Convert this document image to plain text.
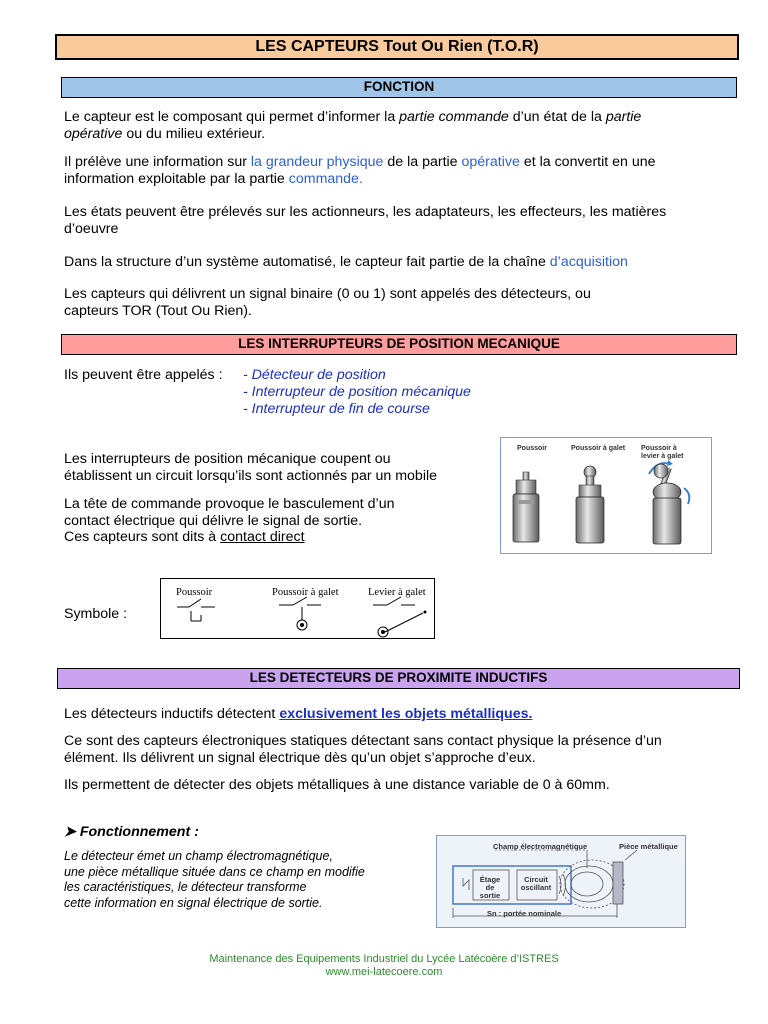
LES CAPTEURS Tout Ou Rien (T.O.R)
FONCTION

Le capteur est le composant qui permet d’informer la partie commande d’un état de la partie

opérative ou du milieu extérieur.

Il prélève une information sur la grandeur physique de la partie opérative et la convertit en une

information exploitable par la partie commande.

Les états peuvent être prélevés sur les actionneurs, les adaptateurs, les effecteurs, les matières

d’oeuvre

Dans la structure d’un système automatisé, le capteur fait partie de la chaîne d’acquisition

Les capteurs qui délivrent un signal binaire (0 ou 1) sont appelés des détecteurs, ou

capteurs TOR (Tout Ou Rien).

LES INTERRUPTEURS DE POSITION MECANIQUE
Ils peuvent être appelés : - Détecteur de position
- Interrupteur de position mécanique
- Interrupteur de fin de course

Les interrupteurs de position mécanique coupent ou

établissent un circuit lorsqu’ils sont actionnés par un mobile

La tête de commande provoque le basculement d’un

contact électrique qui délivre le signal de sortie.

Ces capteurs sont dits à contact direct

Poussoir	Poussoir à galet Poussoir à levier à galet
Symbole :
Poussoir	Poussoir à galet	Levier à galet
LES DETECTEURS DE PROXIMITE INDUCTIFS

Les détecteurs inductifs détectent exclusivement les objets métalliques.

Ce sont des capteurs électroniques statiques détectant sans contact physique la présence d’un

élément. Ils délivrent un signal électrique dès qu’un objet s’approche d’eux.

Ils permettent de détecter des objets métalliques à une distance variable de 0 à 60mm.

➤ Fonctionnement :

Le détecteur émet un champ électromagnétique,

une pièce métallique située dans ce champ en modifie

les caractéristiques, le détecteur transforme

cette information en signal électrique de sortie.

Champ électromagnétique	Pièce métallique
Étage de
sortie
Circuit
oscillant
Sn : portée nominale
Maintenance des Equipements Industriel du Lycée Latécoère d’ISTRES
www.mei-latecoere.com
